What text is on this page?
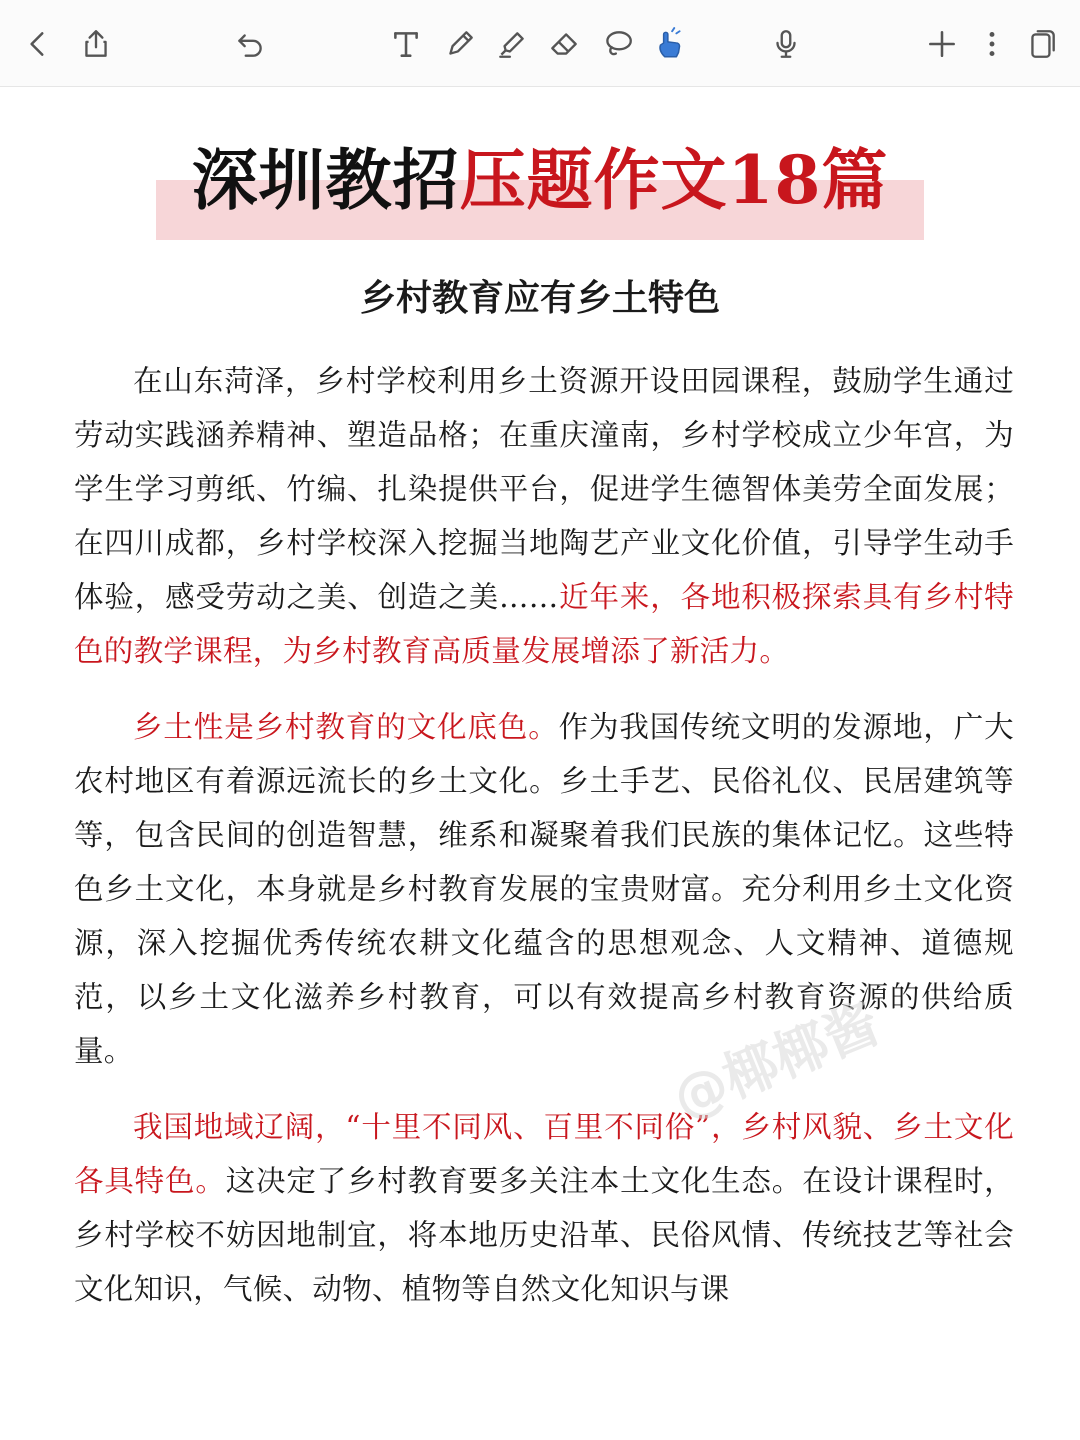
深圳教招压题作文18篇
乡村教育应有乡土特色

在山东菏泽，乡村学校利用乡土资源开设田园课程，鼓励学生通过劳动实践涵养精神、塑造品格；在重庆潼南，乡村学校成立少年宫，为学生学习剪纸、竹编、扎染提供平台，促进学生德智体美劳全面发展；在四川成都，乡村学校深入挖掘当地陶艺产业文化价值，引导学生动手体验，感受劳动之美、创造之美……近年来，各地积极探索具有乡村特色的教学课程，为乡村教育高质量发展增添了新活力。

乡土性是乡村教育的文化底色。作为我国传统文明的发源地，广大农村地区有着源远流长的乡土文化。乡土手艺、民俗礼仪、民居建筑等等，包含民间的创造智慧，维系和凝聚着我们民族的集体记忆。这些特色乡土文化，本身就是乡村教育发展的宝贵财富。充分利用乡土文化资源，深入挖掘优秀传统农耕文化蕴含的思想观念、人文精神、道德规范，以乡土文化滋养乡村教育，可以有效提高乡村教育资源的供给质量。

我国地域辽阔，“十里不同风、百里不同俗”，乡村风貌、乡土文化各具特色。这决定了乡村教育要多关注本土文化生态。在设计课程时，乡村学校不妨因地制宜，将本地历史沿革、民俗风情、传统技艺等社会文化知识，气候、动物、植物等自然文化知识与课

@椰椰酱
